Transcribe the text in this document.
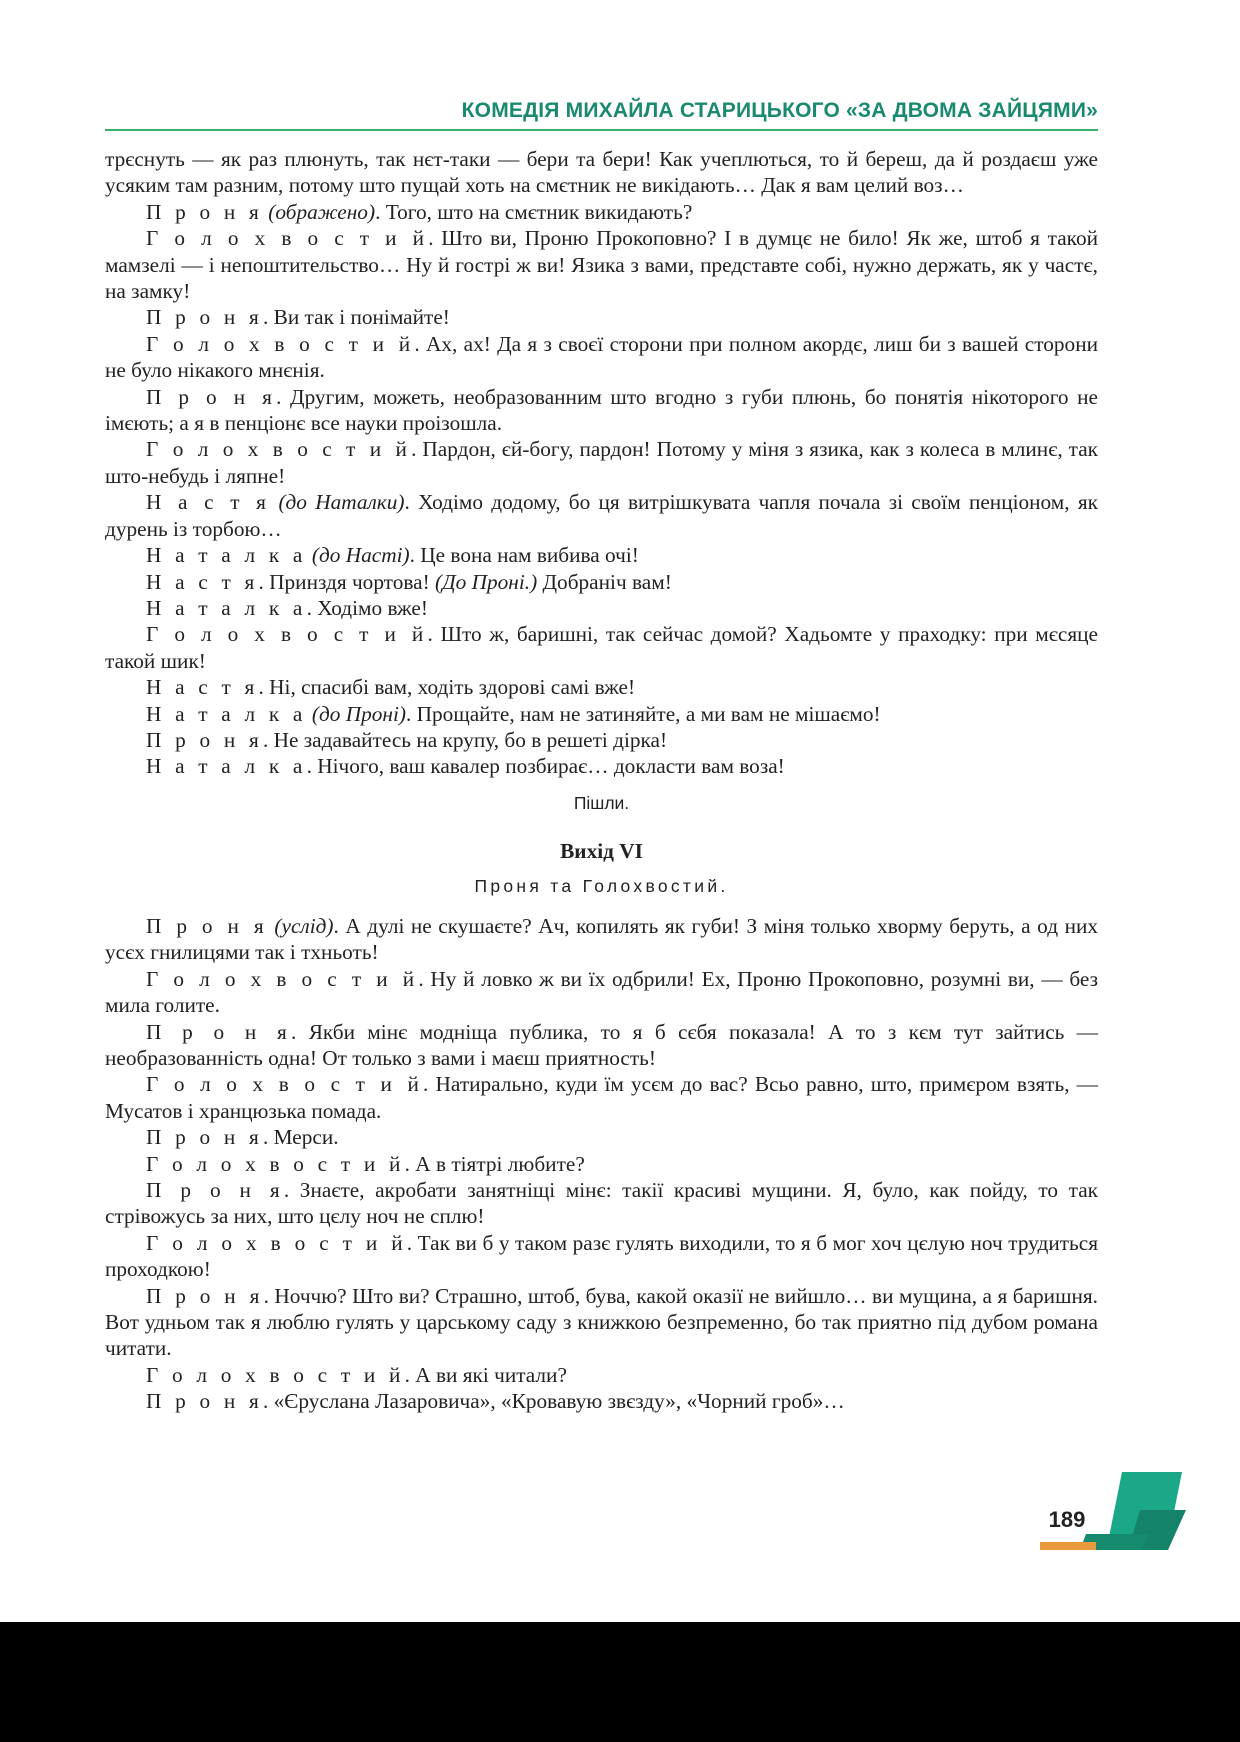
КОМЕДІЯ МИХАЙЛА СТАРИЦЬКОГО «ЗА ДВОМА ЗАЙЦЯМИ»

трєснуть — як раз плюнуть, так нєт-таки — бери та бери! Как учеплються, то й береш, да й роздаєш уже усяким там разним, потому што пущай хоть на смєтник не викідають… Дак я вам целий воз…

П р о н я (ображено). Того, што на смєтник викидають?

Г о л о х в о с т и й. Што ви, Проню Прокоповно? І в думцє не било! Як же, штоб я такой мамзелі — і непоштительство… Ну й гострі ж ви! Язика з вами, представте собі, нужно держать, як у частє, на замку!

П р о н я. Ви так і понімайте!

Г о л о х в о с т и й. Ах, ах! Да я з своєї сторони при полном акордє, лиш би з вашей сторони не було нікакого мнєнія.

П р о н я. Другим, можеть, необразованним што вгодно з губи плюнь, бо понятія нікоторого не імєють; а я в пенціонє все науки проізошла.

Г о л о х в о с т и й. Пардон, єй-богу, пардон! Потому у міня з язика, как з колеса в млинє, так што-небудь і ляпне!

Н а с т я (до Наталки). Ходімо додому, бо ця витрішкувата чапля почала зі своїм пенціоном, як дурень із торбою…

Н а т а л к а (до Насті). Це вона нам вибива очі!

Н а с т я. Принздя чортова! (До Проні.) Добраніч вам!

Н а т а л к а. Ходімо вже!

Г о л о х в о с т и й. Што ж, баришні, так сейчас домой? Хадьомте у праходку: при мєсяце такой шик!

Н а с т я. Ні, спасибі вам, ходіть здорові самі вже!

Н а т а л к а (до Проні). Прощайте, нам не затиняйте, а ми вам не мішаємо!

П р о н я. Не задавайтесь на крупу, бо в решеті дірка!

Н а т а л к а. Нічого, ваш кавалер позбирає… докласти вам воза!

Пішли.

Вихід VI

Проня та Голохвостий.

П р о н я (услід). А дулі не скушаєте? Ач, копилять як губи! З міня только хворму беруть, а од них усєх гнилицями так і тхньоть!

Г о л о х в о с т и й. Ну й ловко ж ви їх одбрили! Ех, Проню Прокоповно, розумні ви, — без мила голите.

П р о н я. Якби мінє модніща публика, то я б сєбя показала! А то з кєм тут зайтись — необразованність одна! От только з вами і маєш приятность!

Г о л о х в о с т и й. Натирально, куди їм усєм до вас? Всьо равно, што, примєром взять, — Мусатов і хранцюзька помада.

П р о н я. Мерси.

Г о л о х в о с т и й. А в тіятрі любите?

П р о н я. Знаєте, акробати занятніщі мінє: такії красиві мущини. Я, було, как пойду, то так стрівожусь за них, што цєлу ноч не сплю!

Г о л о х в о с т и й. Так ви б у таком разє гулять виходили, то я б мог хоч цєлую ноч трудиться проходкою!

П р о н я. Ноччю? Што ви? Страшно, штоб, бува, какой оказії не вийшло… ви мущина, а я баришня. Вот удньом так я люблю гулять у царському саду з книжкою безпременно, бо так приятно під дубом романа читати.

Г о л о х в о с т и й. А ви які читали?

П р о н я. «Єруслана Лазаровича», «Кровавую звєзду», «Чорний гроб»…

189
